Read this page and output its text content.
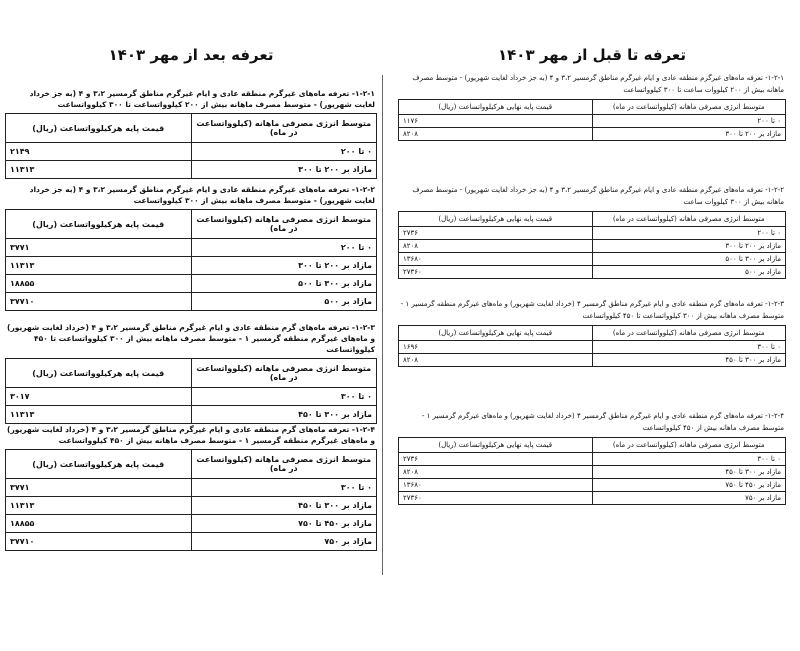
تعرفه تا قبل از مهر ۱۴۰۳

۱-۲-۱- تعرفه ماه‌های غیرگرم منطقه عادی و ایام غیرگرم مناطق گرمسیر ۳،۲ و ۴ (به جز خرداد لغایت شهریور) - متوسط مصرف ماهانه بیش از ۲۰۰ کیلووات ساعت تا ۳۰۰ کیلوواتساعت

متوسط انرژی مصرفی ماهانه (کیلوواتساعت در ماه)	قیمت پایه نهایی هرکیلوواتساعت (ریال)
۰ تا ۲۰۰	۱۱۷۶
مازاد بر ۲۰۰ تا ۳۰۰	۸۲۰۸

۱-۲-۲- تعرفه ماه‌های غیرگرم منطقه عادی و ایام غیرگرم مناطق گرمسیر ۳،۲ و ۴ (به جز خرداد لغایت شهریور) - متوسط مصرف ماهانه بیش از ۳۰۰ کیلووات ساعت

متوسط انرژی مصرفی ماهانه (کیلوواتساعت در ماه)	قیمت پایه نهایی هرکیلوواتساعت (ریال)
۰ تا ۲۰۰	۲۷۳۶
مازاد بر ۲۰۰ تا ۳۰۰	۸۲۰۸
مازاد بر ۳۰۰ تا ۵۰۰	۱۳۶۸۰
مازاد بر ۵۰۰	۲۷۳۶۰

۱-۲-۳- تعرفه ماه‌های گرم منطقه عادی و ایام غیرگرم مناطق گرمسیر ۴ (خرداد لغایت شهریور) و ماه‌های غیرگرم منطقه گرمسیر ۱ - متوسط مصرف ماهانه بیش از ۳۰۰ کیلوواتساعت تا ۴۵۰ کیلوواتساعت

متوسط انرژی مصرفی ماهانه (کیلوواتساعت در ماه)	قیمت پایه نهایی هرکیلوواتساعت (ریال)
۰ تا ۳۰۰	۱۶۹۶
مازاد بر ۳۰۰ تا ۴۵۰	۸۲۰۸

۱-۲-۴- تعرفه ماه‌های گرم منطقه عادی و ایام غیرگرم مناطق گرمسیر ۴ (خرداد لغایت شهریور) و ماه‌های غیرگرم گرمسیر ۱ - متوسط مصرف ماهانه بیش از ۴۵۰ کیلوواتساعت

متوسط انرژی مصرفی ماهانه (کیلوواتساعت در ماه)	قیمت پایه نهایی هرکیلوواتساعت (ریال)
۰ تا ۳۰۰	۲۷۳۶
مازاد بر ۳۰۰ تا ۴۵۰	۸۲۰۸
مازاد بر ۴۵۰ تا ۷۵۰	۱۳۶۸۰
مازاد بر ۷۵۰	۲۷۳۶۰
تعرفه بعد از مهر ۱۴۰۳

۱-۲-۱- تعرفه ماه‌های غیرگرم منطقه عادی و ایام غیرگرم مناطق گرمسیر ۳،۲ و ۴ (به جز خرداد لغایت شهریور) - متوسط مصرف ماهانه بیش از ۲۰۰ کیلوواتساعت تا ۳۰۰ کیلوواتساعت

متوسط انرژی مصرفی ماهانه (کیلوواتساعت در ماه)	قیمت پایه هرکیلوواتساعت (ریال)
۰ تا ۲۰۰	۲۱۴۹
مازاد بر ۲۰۰ تا ۳۰۰	۱۱۳۱۳

۱-۲-۲- تعرفه ماه‌های غیرگرم منطقه عادی و ایام غیرگرم مناطق گرمسیر ۳،۲ و ۴ (به جز خرداد لغایت شهریور) - متوسط مصرف ماهانه بیش از ۳۰۰ کیلوواتساعت

متوسط انرژی مصرفی ماهانه (کیلوواتساعت در ماه)	قیمت پایه هرکیلوواتساعت (ریال)
۰ تا ۲۰۰	۳۷۷۱
مازاد بر ۲۰۰ تا ۳۰۰	۱۱۳۱۳
مازاد بر ۳۰۰ تا ۵۰۰	۱۸۸۵۵
مازاد بر ۵۰۰	۳۷۷۱۰

۱-۲-۳- تعرفه ماه‌های گرم منطقه عادی و ایام غیرگرم مناطق گرمسیر ۳،۲ و ۴ (خرداد لغایت شهریور) و ماه‌های غیرگرم منطقه گرمسیر ۱ - متوسط مصرف ماهانه بیش از ۳۰۰ کیلوواتساعت تا ۴۵۰ کیلوواتساعت

متوسط انرژی مصرفی ماهانه (کیلوواتساعت در ماه)	قیمت پایه هرکیلوواتساعت (ریال)
۰ تا ۳۰۰	۳۰۱۷
مازاد بر ۳۰۰ تا ۴۵۰	۱۱۳۱۳

۱-۲-۴- تعرفه ماه‌های گرم منطقه عادی و ایام غیرگرم مناطق گرمسیر ۳،۲ و ۴ (خرداد لغایت شهریور) و ماه‌های غیرگرم منطقه گرمسیر ۱ - متوسط مصرف ماهانه بیش از ۴۵۰ کیلوواتساعت

متوسط انرژی مصرفی ماهانه (کیلوواتساعت در ماه)	قیمت پایه هرکیلوواتساعت (ریال)
۰ تا ۳۰۰	۳۷۷۱
مازاد بر ۳۰۰ تا ۴۵۰	۱۱۳۱۳
مازاد بر ۴۵۰ تا ۷۵۰	۱۸۸۵۵
مازاد بر ۷۵۰	۳۷۷۱۰
